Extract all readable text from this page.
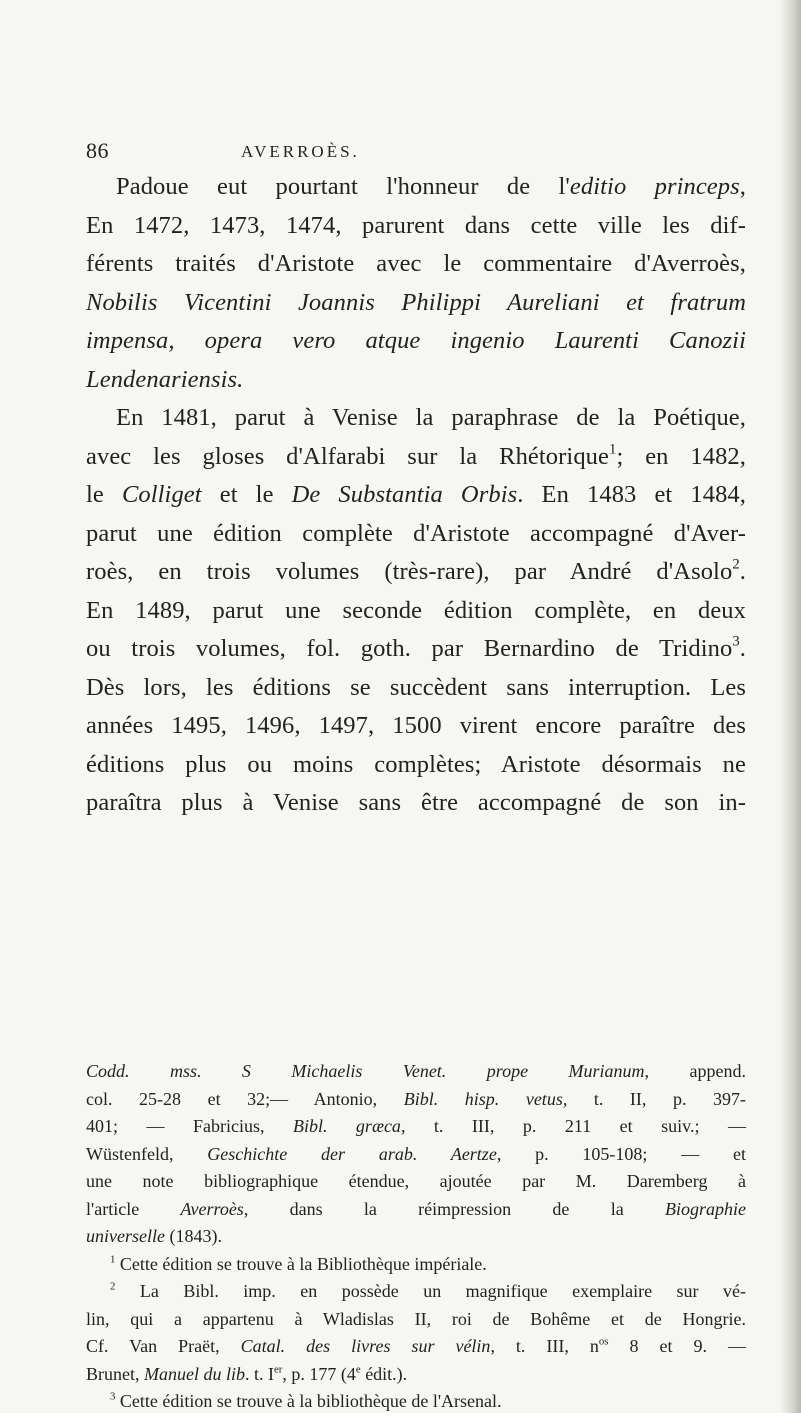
86	AVERROÈS.
Padoue eut pourtant l'honneur de l'editio princeps,
En 1472, 1473, 1474, parurent dans cette ville les dif-
férents traités d'Aristote avec le commentaire d'Averroès,
Nobilis Vicentini Joannis Philippi Aureliani et fratrum
impensa, opera vero atque ingenio Laurenti Canozii
Lendenariensis.
En 1481, parut à Venise la paraphrase de la Poétique,
avec les gloses d'Alfarabi sur la Rhétorique$^1$; en 1482,
le Colliget et le De Substantia Orbis. En 1483 et 1484,
parut une édition complète d'Aristote accompagné d'Aver-
roès, en trois volumes (très-rare), par André d'Asolo$^2$.
En 1489, parut une seconde édition complète, en deux
ou trois volumes, fol. goth. par Bernardino de Tridino$^3$.
Dès lors, les éditions se succèdent sans interruption. Les
années 1495, 1496, 1497, 1500 virent encore paraître des
éditions plus ou moins complètes; Aristote désormais ne
paraîtra plus à Venise sans être accompagné de son in-
Codd. mss. S Michaelis Venet. prope Murianum, append.
col. 25-28 et 32;— Antonio, Bibl. hisp. vetus, t. II, p. 397-
401; — Fabricius, Bibl. græca, t. III, p. 211 et suiv.; —
Wüstenfeld, Geschichte der arab. Aertze, p. 105-108; — et
une note bibliographique étendue, ajoutée par M. Daremberg à
l'article Averroès, dans la réimpression de la Biographie
universelle (1843).
$^1$ Cette édition se trouve à la Bibliothèque impériale.
$^2$ La Bibl. imp. en possède un magnifique exemplaire sur vé-
lin, qui a appartenu à Wladislas II, roi de Bohême et de Hongrie.
Cf. Van Praët, Catal. des livres sur vélin, t. III, $n^{os}$ 8 et 9. —
Brunet, Manuel du lib. t. Ier, p. 177 (4e édit.).
$^3$ Cette édition se trouve à la bibliothèque de l'Arsenal.
